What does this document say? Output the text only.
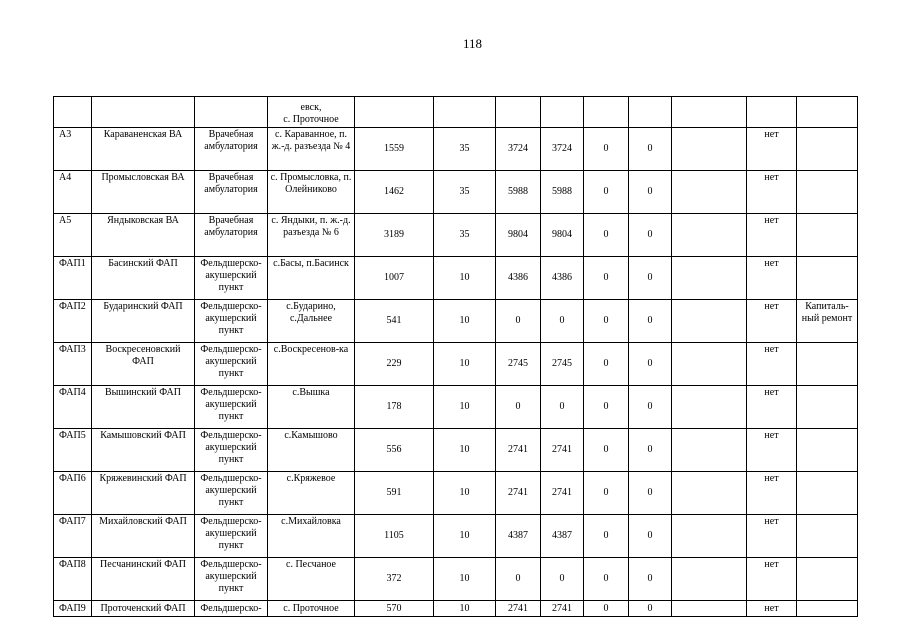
118
			евск,
с. Проточное									
А3	Караваненская ВА	Врачебная амбулатория	с. Караванное, п. ж.-д. разъезда № 4	1559	35	3724	3724	0	0		нет	
А4	Промысловская ВА	Врачебная амбулатория	с. Промысловка, п. Олейниково	1462	35	5988	5988	0	0		нет	
А5	Яндыковская ВА	Врачебная амбулатория	с. Яндыки, п. ж.-д. разъезда № 6	3189	35	9804	9804	0	0		нет	
ФАП1	Басинский ФАП	Фельдшерско-акушерский пункт	с.Басы, п.Басинск	1007	10	4386	4386	0	0		нет	
ФАП2	Бударинский ФАП	Фельдшерско-акушерский пункт	с.Бударино, с.Дальнее	541	10	0	0	0	0		нет	Капиталь-ный ремонт
ФАП3	Воскресеновский ФАП	Фельдшерско-акушерский пункт	с.Воскресенов-ка	229	10	2745	2745	0	0		нет	
ФАП4	Вышинский ФАП	Фельдшерско-акушерский пункт	с.Вышка	178	10	0	0	0	0		нет	
ФАП5	Камышовский ФАП	Фельдшерско-акушерский пункт	с.Камышово	556	10	2741	2741	0	0		нет	
ФАП6	Кряжевинский ФАП	Фельдшерско-акушерский пункт	с.Кряжевое	591	10	2741	2741	0	0		нет	
ФАП7	Михайловский ФАП	Фельдшерско-акушерский пункт	с.Михайловка	1105	10	4387	4387	0	0		нет	
ФАП8	Песчанинский ФАП	Фельдшерско-акушерский пункт	с. Песчаное	372	10	0	0	0	0		нет	
ФАП9	Проточенский ФАП	Фельдшерско-	с. Проточное	570	10	2741	2741	0	0		нет	
